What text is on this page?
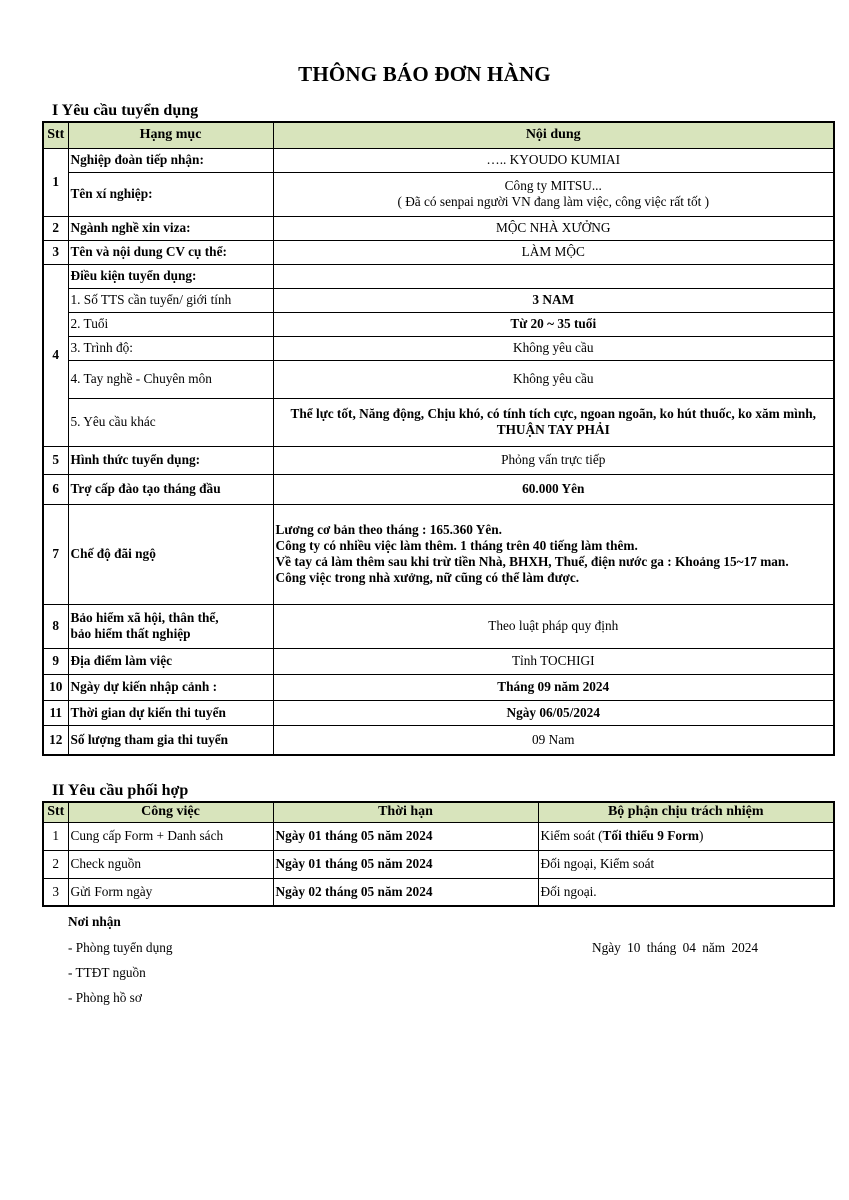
THÔNG BÁO ĐƠN HÀNG
I Yêu cầu tuyển dụng
Stt	Hạng mục	Nội dung
1	Nghiệp đoàn tiếp nhận:	….. KYOUDO KUMIAI
	Tên xí nghiệp:	Công ty MITSU...
( Đã có senpai người VN đang làm việc, công việc rất tốt )

2	Ngành nghề xin viza:	MỘC NHÀ XƯỞNG
3	Tên và nội dung CV cụ thể:	LÀM MỘC
4	Điều kiện tuyển dụng:	
	1. Số TTS cần tuyển/ giới tính	3 NAM
	2. Tuổi	Từ 20 ~ 35 tuổi
	3. Trình độ:	Không yêu cầu
	4. Tay nghề - Chuyên môn	Không yêu cầu
	5. Yêu cầu khác	Thể lực tốt, Năng động, Chịu khó, có tính tích cực, ngoan ngoãn, ko hút thuốc, ko xăm mình, THUẬN TAY PHẢI
5	Hình thức tuyển dụng:	Phỏng vấn trực tiếp
6	Trợ cấp đào tạo tháng đầu	60.000 Yên
7	Chế độ đãi ngộ	Lương cơ bản theo tháng : 165.360 Yên.
Công ty có nhiều việc làm thêm. 1 tháng trên 40 tiếng làm thêm.
Về tay cả làm thêm sau khi trừ tiền Nhà, BHXH, Thuế, điện nước ga : Khoảng 15~17 man.
Công việc trong nhà xưởng, nữ cũng có thể làm được.

8	Bảo hiểm xã hội, thân thể,
bảo hiểm thất nghiệp	Theo luật pháp quy định
9	Địa điểm làm việc	Tỉnh TOCHIGI
10	Ngày dự kiến nhập cảnh :	Tháng 09 năm 2024
11	Thời gian dự kiến thi tuyển	Ngày 06/05/2024
12	Số lượng tham gia thi tuyển	09 Nam
II Yêu cầu phối hợp
Stt	Công việc	Thời hạn	Bộ phận chịu trách nhiệm
1	Cung cấp Form + Danh sách	Ngày 01 tháng 05 năm 2024	Kiểm soát (Tối thiểu 9 Form)
2	Check nguồn	Ngày 01 tháng 05 năm 2024	Đối ngoại, Kiểm soát
3	Gửi Form ngày	Ngày 02 tháng 05 năm 2024	Đối ngoại.
Nơi nhận
- Phòng tuyển dụng
- TTĐT nguồn
- Phòng hồ sơ
Ngày 10 tháng 04 năm 2024
